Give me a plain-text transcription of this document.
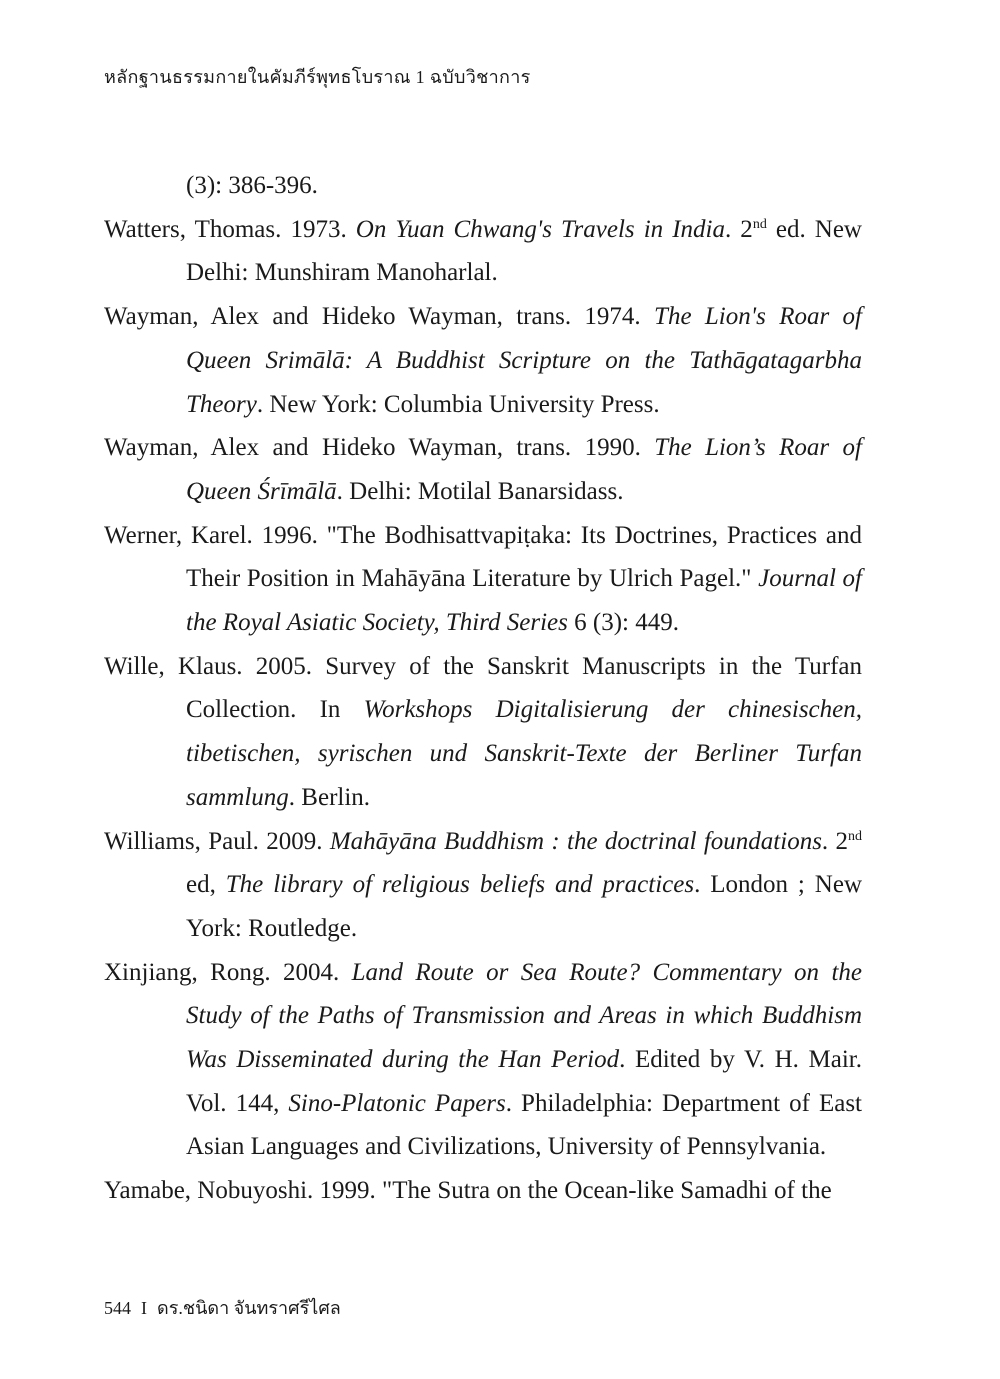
หลักฐานธรรมกายในคัมภีร์พุทธโบราณ 1 ฉบับวิชาการ
(3): 386-396.
Watters, Thomas. 1973. On Yuan Chwang's Travels in India. 2nd ed. New Delhi: Munshiram Manoharlal.
Wayman, Alex and Hideko Wayman, trans. 1974. The Lion's Roar of Queen Srimālā: A Buddhist Scripture on the Tathāgatagarbha Theory. New York: Columbia University Press.
Wayman, Alex and Hideko Wayman, trans. 1990. The Lion’s Roar of Queen Śrīmālā. Delhi: Motilal Banarsidass.
Werner, Karel. 1996. "The Bodhisattvapiṭaka: Its Doctrines, Practices and Their Position in Mahāyāna Literature by Ulrich Pagel." Journal of the Royal Asiatic Society, Third Series 6 (3): 449.
Wille, Klaus. 2005. Survey of the Sanskrit Manuscripts in the Turfan Collection. In Workshops Digitalisierung der chinesischen, tibetischen, syrischen und Sanskrit-Texte der Berliner Turfan sammlung. Berlin.
Williams, Paul. 2009. Mahāyāna Buddhism : the doctrinal foundations. 2nd ed, The library of religious beliefs and practices. London ; New York: Routledge.
Xinjiang, Rong. 2004. Land Route or Sea Route? Commentary on the Study of the Paths of Transmission and Areas in which Buddhism Was Disseminated during the Han Period. Edited by V. H. Mair. Vol. 144, Sino-Platonic Papers. Philadelphia: Department of East Asian Languages and Civilizations, University of Pennsylvania.
Yamabe, Nobuyoshi. 1999. "The Sutra on the Ocean-like Samadhi of the
544 I ดร.ชนิดา จันทราศรีไศล
